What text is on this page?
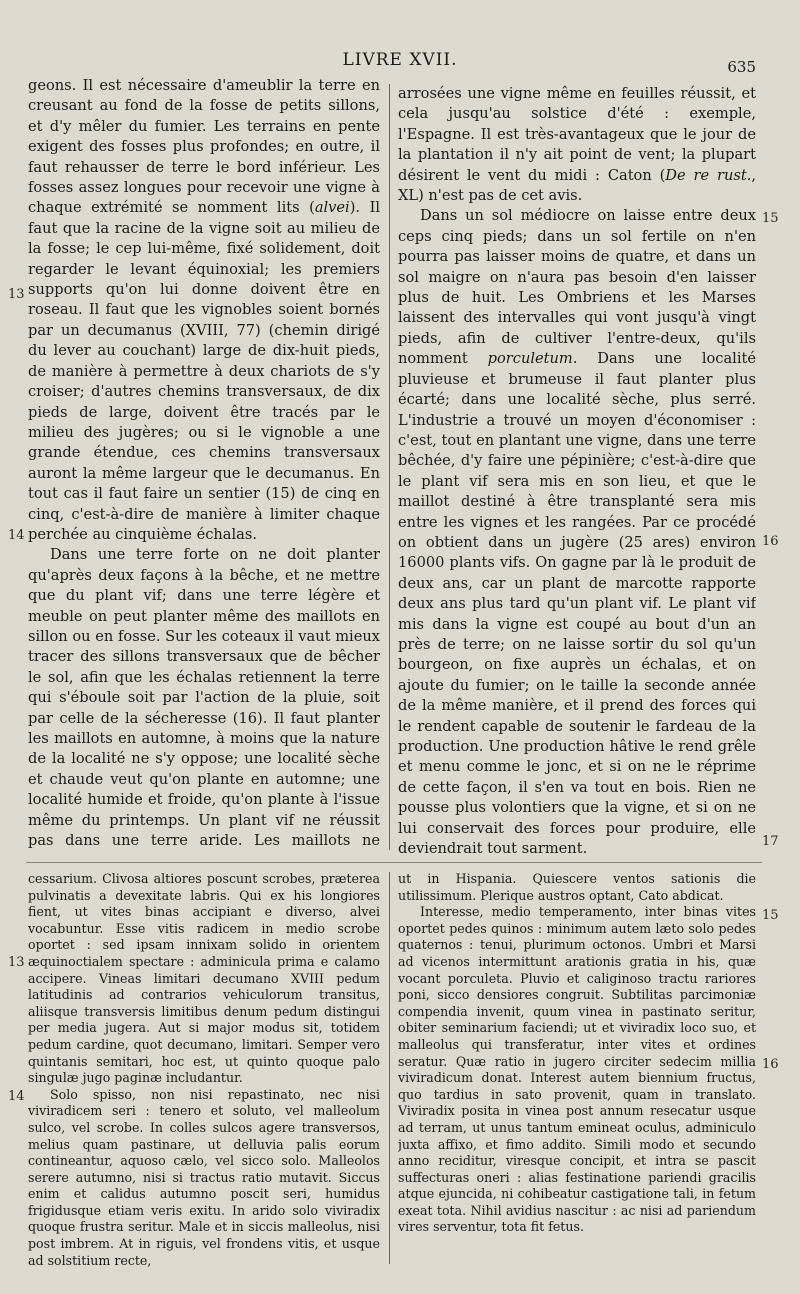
LIVRE XVII.	635

geons. Il est nécessaire d'ameublir la terre en creusant au fond de la fosse de petits sillons, et d'y mêler du fumier. Les terrains en pente exigent des fosses plus profondes; en outre, il faut rehausser de terre le bord inférieur. Les fosses assez longues pour recevoir une vigne à chaque extrémité se nomment lits (alvei). Il faut que la racine de la vigne soit au milieu de la fosse; le cep lui-même, fixé solidement, doit regarder le levant équinoxial; les premiers supports qu'on lui donne doivent être en roseau. Il faut que les vignobles soient bornés par un decumanus (XVIII, 77) (chemin dirigé du lever au couchant) large de dix-huit pieds, de manière à permettre à deux chariots de s'y croiser; d'autres chemins transversaux, de dix pieds de large, doivent être tracés par le milieu des jugères; ou si le vignoble a une grande étendue, ces chemins transversaux auront la même largeur que le decumanus. En tout cas il faut faire un sentier (15) de cinq en cinq, c'est-à-dire de manière à limiter chaque perchée au cinquième échalas.

Dans une terre forte on ne doit planter qu'après deux façons à la bêche, et ne mettre que du plant vif; dans une terre légère et meuble on peut planter même des maillots en sillon ou en fosse. Sur les coteaux il vaut mieux tracer des sillons transversaux que de bêcher le sol, afin que les échalas retiennent la terre qui s'éboule soit par l'action de la pluie, soit par celle de la sécheresse (16). Il faut planter les maillots en automne, à moins que la nature de la localité ne s'y oppose; une localité sèche et chaude veut qu'on plante en automne; une localité humide et froide, qu'on plante à l'issue même du printemps. Un plant vif ne réussit pas dans une terre aride. Les maillots ne

13
14

arrosées une vigne même en feuilles réussit, et cela jusqu'au solstice d'été : exemple, l'Espagne. Il est très-avantageux que le jour de la plantation il n'y ait point de vent; la plupart désirent le vent du midi : Caton (De re rust., XL) n'est pas de cet avis.

Dans un sol médiocre on laisse entre deux ceps cinq pieds; dans un sol fertile on n'en pourra pas laisser moins de quatre, et dans un sol maigre on n'aura pas besoin d'en laisser plus de huit. Les Ombriens et les Marses laissent des intervalles qui vont jusqu'à vingt pieds, afin de cultiver l'entre-deux, qu'ils nomment porculetum. Dans une localité pluvieuse et brumeuse il faut planter plus écarté; dans une localité sèche, plus serré. L'industrie a trouvé un moyen d'économiser : c'est, tout en plantant une vigne, dans une terre bêchée, d'y faire une pépinière; c'est-à-dire que le plant vif sera mis en son lieu, et que le maillot destiné à être transplanté sera mis entre les vignes et les rangées. Par ce procédé on obtient dans un jugère (25 ares) environ 16000 plants vifs. On gagne par là le produit de deux ans, car un plant de marcotte rapporte deux ans plus tard qu'un plant vif. Le plant vif mis dans la vigne est coupé au bout d'un an près de terre; on ne laisse sortir du sol qu'un bourgeon, on fixe auprès un échalas, et on ajoute du fumier; on le taille la seconde année de la même manière, et il prend des forces qui le rendent capable de soutenir le fardeau de la production. Une production hâtive le rend grêle et menu comme le jonc, et si on ne le réprime de cette façon, il s'en va tout en bois. Rien ne pousse plus volontiers que la vigne, et si on ne lui conservait des forces pour produire, elle deviendrait tout sarment.

15
16
17

cessarium. Clivosa altiores poscunt scrobes, præterea pulvinatis a devexitate labris. Qui ex his longiores fient, ut vites binas accipiant e diverso, alvei vocabuntur. Esse vitis radicem in medio scrobe oportet : sed ipsam innixam solido in orientem æquinoctialem spectare : adminicula prima e calamo accipere. Vineas limitari decumano XVIII pedum latitudinis ad contrarios vehiculorum transitus, aliisque transversis limitibus denum pedum distingui per media jugera. Aut si major modus sit, totidem pedum cardine, quot decumano, limitari. Semper vero quintanis semitari, hoc est, ut quinto quoque palo singulæ jugo paginæ includantur.

Solo spisso, non nisi repastinato, nec nisi viviradicem seri : tenero et soluto, vel malleolum sulco, vel scrobe. In colles sulcos agere transversos, melius quam pastinare, ut delluvia palis eorum contineantur, aquoso cælo, vel sicco solo. Malleolos serere autumno, nisi si tractus ratio mutavit. Siccus enim et calidus autumno poscit seri, humidus frigidusque etiam veris exitu. In arido solo viviradix quoque frustra seritur. Male et in siccis malleolus, nisi post imbrem. At in riguis, vel frondens vitis, et usque ad solstitium recte,

13
14

ut in Hispania. Quiescere ventos sationis die utilissimum. Plerique austros optant, Cato abdicat.

Interesse, medio temperamento, inter binas vites oportet pedes quinos : minimum autem læto solo pedes quaternos : tenui, plurimum octonos. Umbri et Marsi ad vicenos intermittunt arationis gratia in his, quæ vocant porculeta. Pluvio et caliginoso tractu rariores poni, sicco densiores congruit. Subtilitas parcimoniæ compendia invenit, quum vinea in pastinato seritur, obiter seminarium faciendi; ut et viviradix loco suo, et malleolus qui transferatur, inter vites et ordines seratur. Quæ ratio in jugero circiter sedecim millia viviradicum donat. Interest autem biennium fructus, quo tardius in sato provenit, quam in translato. Viviradix posita in vinea post annum resecatur usque ad terram, ut unus tantum emineat oculus, adminiculo juxta affixo, et fimo addito. Simili modo et secundo anno reciditur, viresque concipit, et intra se pascit suffecturas oneri : alias festinatione pariendi gracilis atque ejuncida, ni cohibeatur castigatione tali, in fetum exeat tota. Nihil avidius nascitur : ac nisi ad pariendum vires serventur, tota fit fetus.

15
16
